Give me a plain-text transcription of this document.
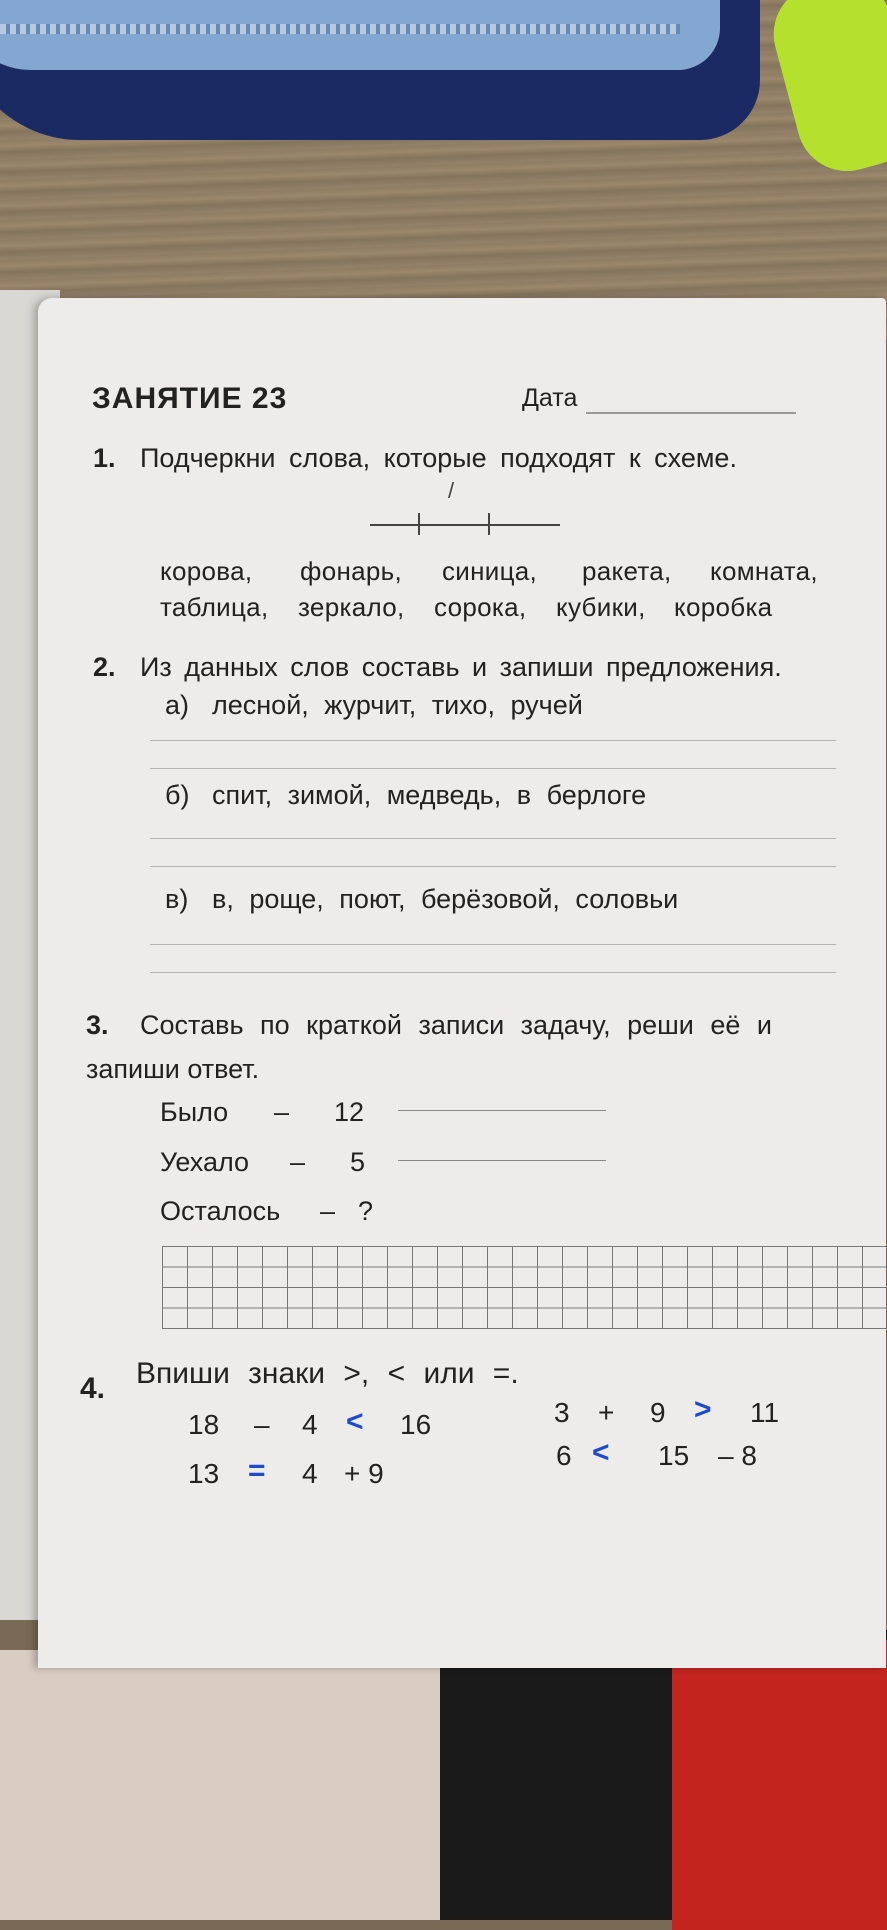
ЗАНЯТИЕ 23	Дата
1. Подчеркни слова, которые подходят к схеме.
/
корова, фонарь, синица, ракета, комната,
таблица, зеркало, сорока, кубики, коробка
2. Из данных слов составь и запиши предложения.
а) лесной, журчит, тихо, ручей
б) спит, зимой, медведь, в берлоге
в) в, роще, поют, берёзовой, соловьи
3. Составь по краткой записи задачу, реши её и
запиши ответ.
Было – 12
Уехало – 5
Осталось – ?
4. Впиши знаки >, < или =.
18 – 4 < 16
13 = 4 + 9
3 + 9 > 11
6 < 15 – 8
